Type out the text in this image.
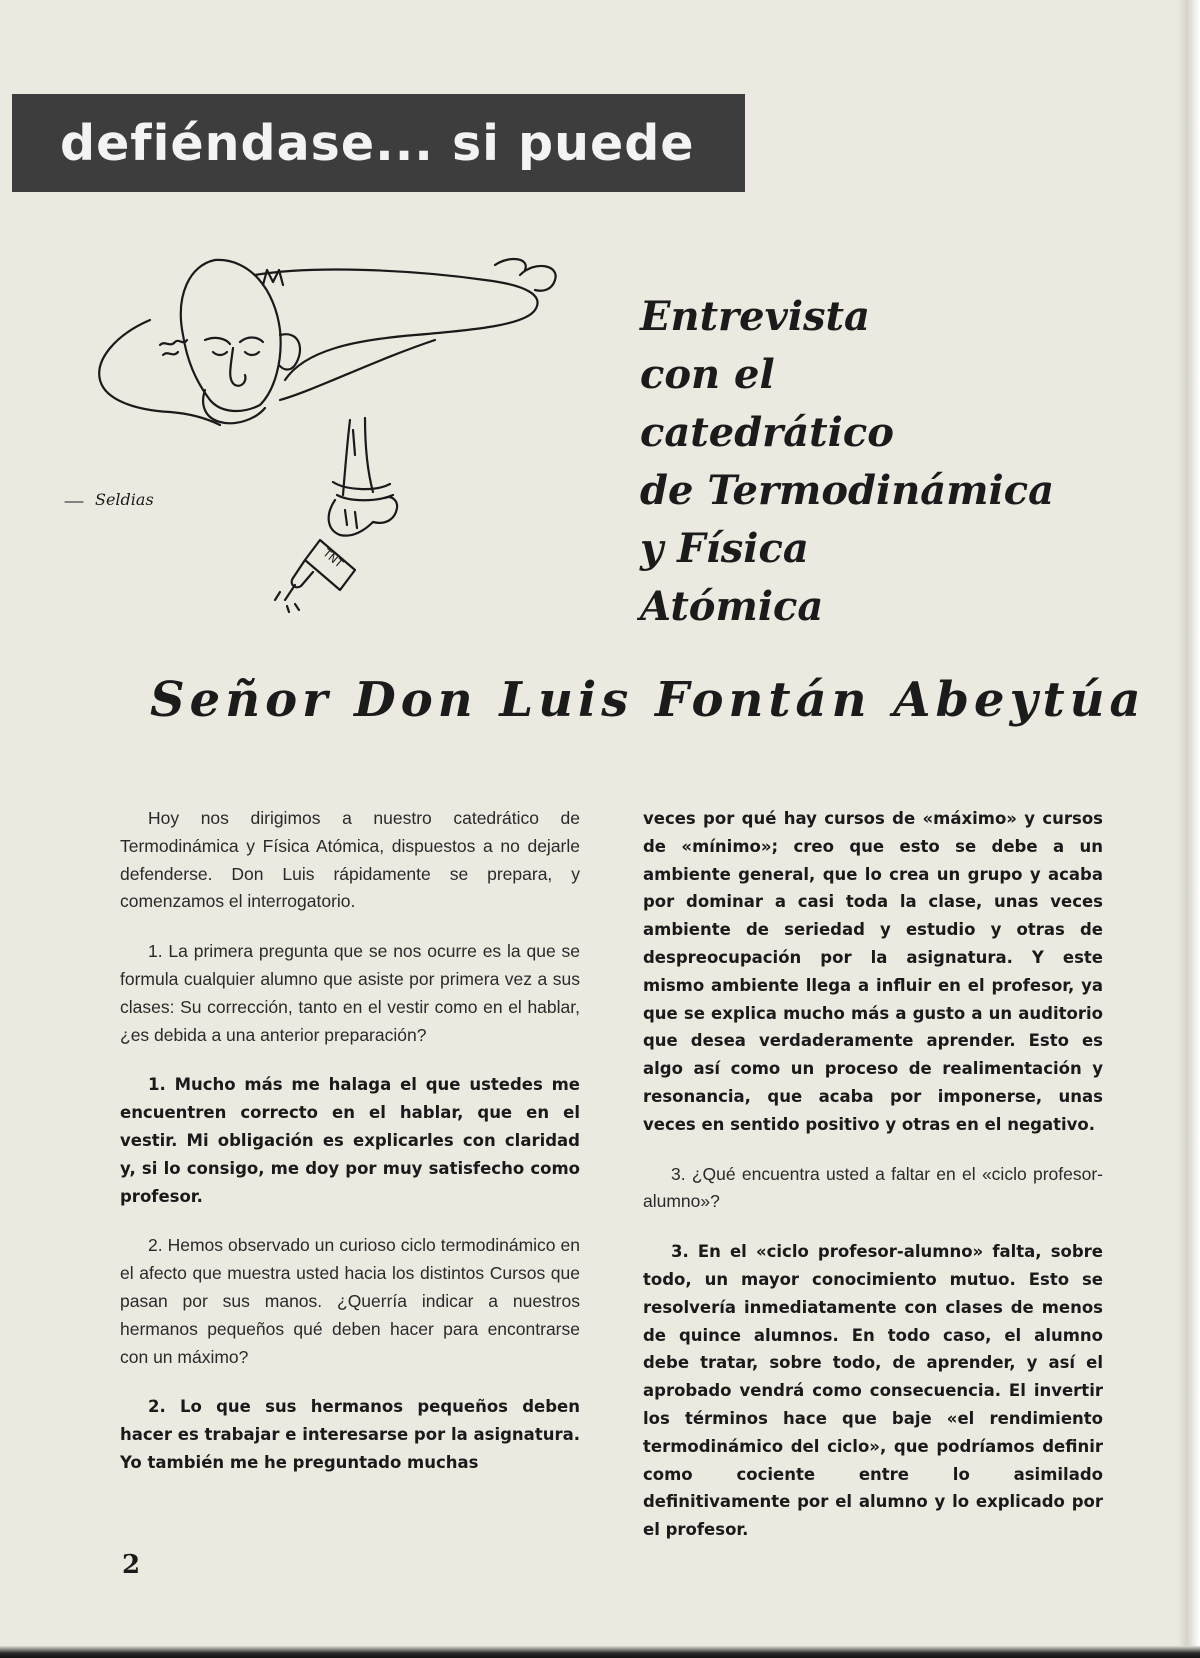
defiéndase... si puede
TNT
Seldias
Entrevista
con el
catedrático
de Termodinámica
y Física
Atómica
Señor Don Luis Fontán Abeytúa

Hoy nos dirigimos a nuestro catedrático de Termodinámica y Física Atómica, dispuestos a no dejarle defenderse. Don Luis rápidamente se prepara, y comenzamos el interrogatorio.

1. La primera pregunta que se nos ocurre es la que se formula cualquier alumno que asiste por primera vez a sus clases: Su corrección, tanto en el vestir como en el hablar, ¿es debida a una anterior preparación?

1. Mucho más me halaga el que ustedes me encuentren correcto en el hablar, que en el vestir. Mi obligación es explicarles con claridad y, si lo consigo, me doy por muy satisfecho como profesor.

2. Hemos observado un curioso ciclo termodinámico en el afecto que muestra usted hacia los distintos Cursos que pasan por sus manos. ¿Querría indicar a nuestros hermanos pequeños qué deben hacer para encontrarse con un máximo?

2. Lo que sus hermanos pequeños deben hacer es trabajar e interesarse por la asignatura. Yo también me he preguntado muchas

veces por qué hay cursos de «máximo» y cursos de «mínimo»; creo que esto se debe a un ambiente general, que lo crea un grupo y acaba por dominar a casi toda la clase, unas veces ambiente de seriedad y estudio y otras de despreocupación por la asignatura. Y este mismo ambiente llega a influir en el profesor, ya que se explica mucho más a gusto a un auditorio que desea verdaderamente aprender. Esto es algo así como un proceso de realimentación y resonancia, que acaba por imponerse, unas veces en sentido positivo y otras en el negativo.

3. ¿Qué encuentra usted a faltar en el «ciclo profesor-alumno»?

3. En el «ciclo profesor-alumno» falta, sobre todo, un mayor conocimiento mutuo. Esto se resolvería inmediatamente con clases de menos de quince alumnos. En todo caso, el alumno debe tratar, sobre todo, de aprender, y así el aprobado vendrá como consecuencia. El invertir los términos hace que baje «el rendimiento termodinámico del ciclo», que podríamos definir como cociente entre lo asimilado definitivamente por el alumno y lo explicado por el profesor.

2
